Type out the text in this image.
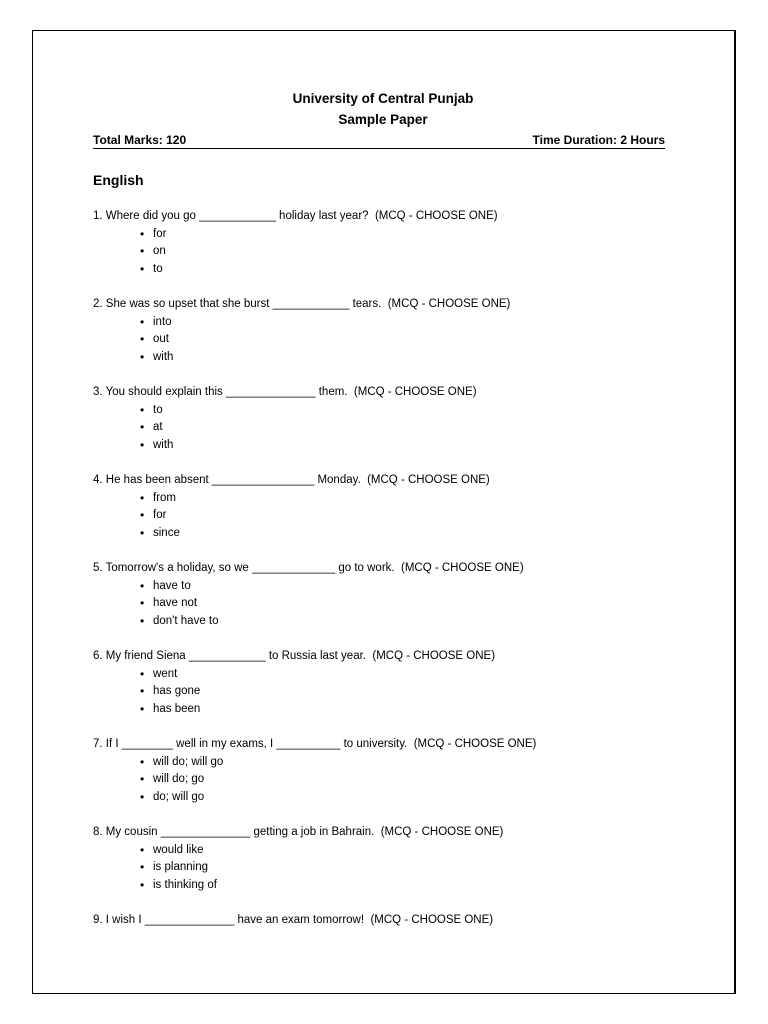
University of Central Punjab
Sample Paper
Total Marks: 120	Time Duration: 2 Hours
English
1. Where did you go ____________ holiday last year?  (MCQ - CHOOSE ONE)
• for
• on
• to
2. She was so upset that she burst ____________ tears.  (MCQ - CHOOSE ONE)
• into
• out
• with
3. You should explain this ______________ them.  (MCQ - CHOOSE ONE)
• to
• at
• with
4. He has been absent ________________ Monday.  (MCQ - CHOOSE ONE)
• from
• for
• since
5. Tomorrow's a holiday, so we _____________ go to work.  (MCQ - CHOOSE ONE)
• have to
• have not
• don't have to
6. My friend Siena ____________ to Russia last year.  (MCQ - CHOOSE ONE)
• went
• has gone
• has been
7. If I ________ well in my exams, I __________ to university.  (MCQ - CHOOSE ONE)
• will do; will go
• will do; go
• do; will go
8. My cousin ______________ getting a job in Bahrain.  (MCQ - CHOOSE ONE)
• would like
• is planning
• is thinking of
9. I wish I ______________ have an exam tomorrow!  (MCQ - CHOOSE ONE)
